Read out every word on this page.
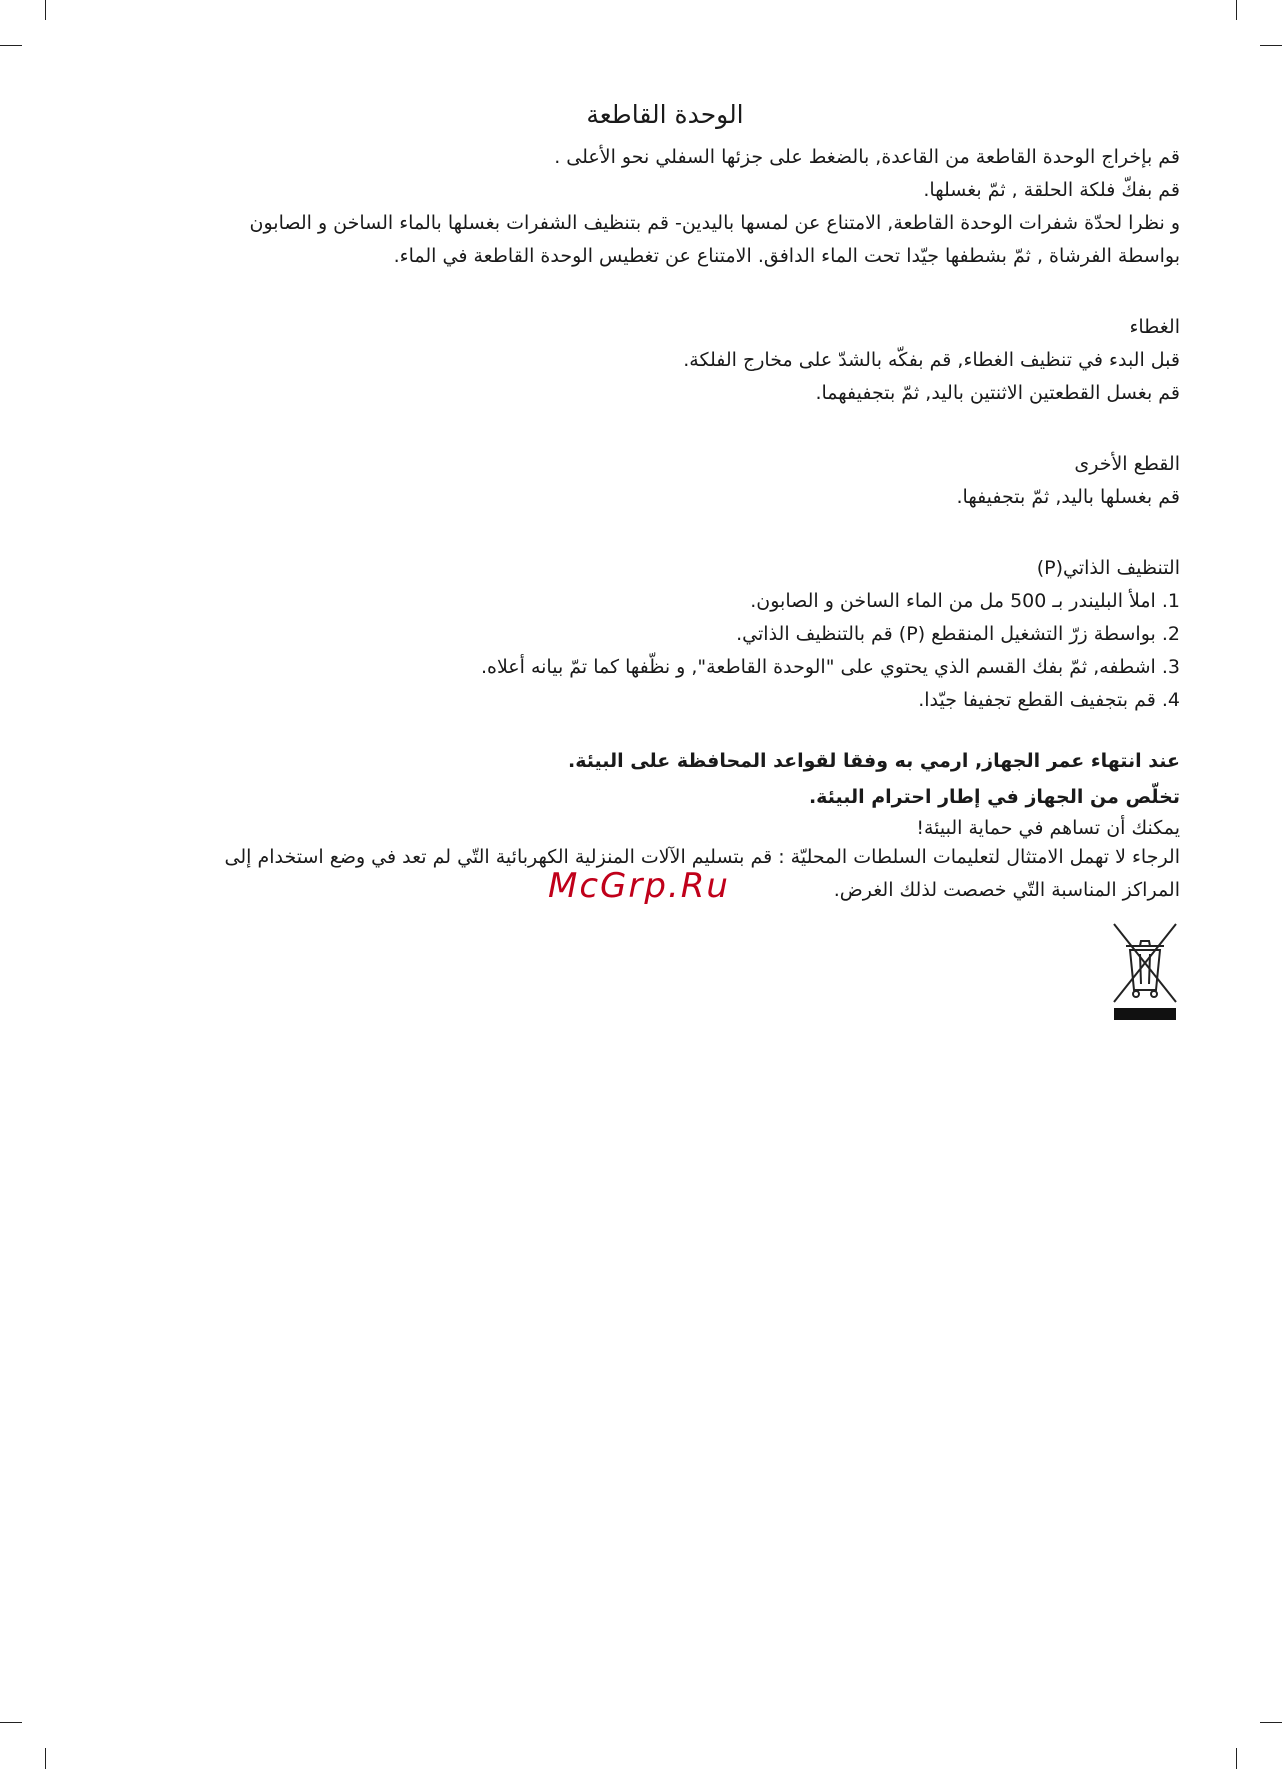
الوحدة القاطعة

قم بإخراج الوحدة القاطعة من القاعدة, بالضغط على جزئها السفلي نحو الأعلى .

قم بفكّ فلكة الحلقة , ثمّ بغسلها.

و نظرا لحدّة شفرات الوحدة القاطعة, الامتناع عن لمسها باليدين- قم بتنظيف الشفرات بغسلها بالماء الساخن و الصابون

بواسطة الفرشاة , ثمّ بشطفها جيّدا تحت الماء الدافق. الامتناع عن تغطيس الوحدة القاطعة في الماء.

الغطاء

قبل البدء في تنظيف الغطاء, قم بفكّه بالشدّ على مخارج الفلكة.

قم بغسل القطعتين الاثنتين باليد, ثمّ بتجفيفهما.

القطع الأخرى

قم بغسلها باليد, ثمّ بتجفيفها.

التنظيف الذاتي(P)

1. املأ البليندر بـ 500 مل من الماء الساخن و الصابون.
2. بواسطة زرّ التشغيل المنقطع (P) قم بالتنظيف الذاتي.
3. اشطفه, ثمّ بفك القسم الذي يحتوي على "الوحدة القاطعة", و نظّفها كما تمّ بيانه أعلاه.
4. قم بتجفيف القطع تجفيفا جيّدا.

عند انتهاء عمر الجهاز, ارمي به وفقا لقواعد المحافظة على البيئة.

تخلّص من الجهاز في إطار احترام البيئة.

يمكنك أن تساهم في حماية البيئة!

الرجاء لا تهمل الامتثال لتعليمات السلطات المحليّة : قم بتسليم الآلات المنزلية الكهربائية التّي لم تعد في وضع استخدام إلى

المراكز المناسبة التّي خصصت لذلك الغرض.

McGrp.Ru
